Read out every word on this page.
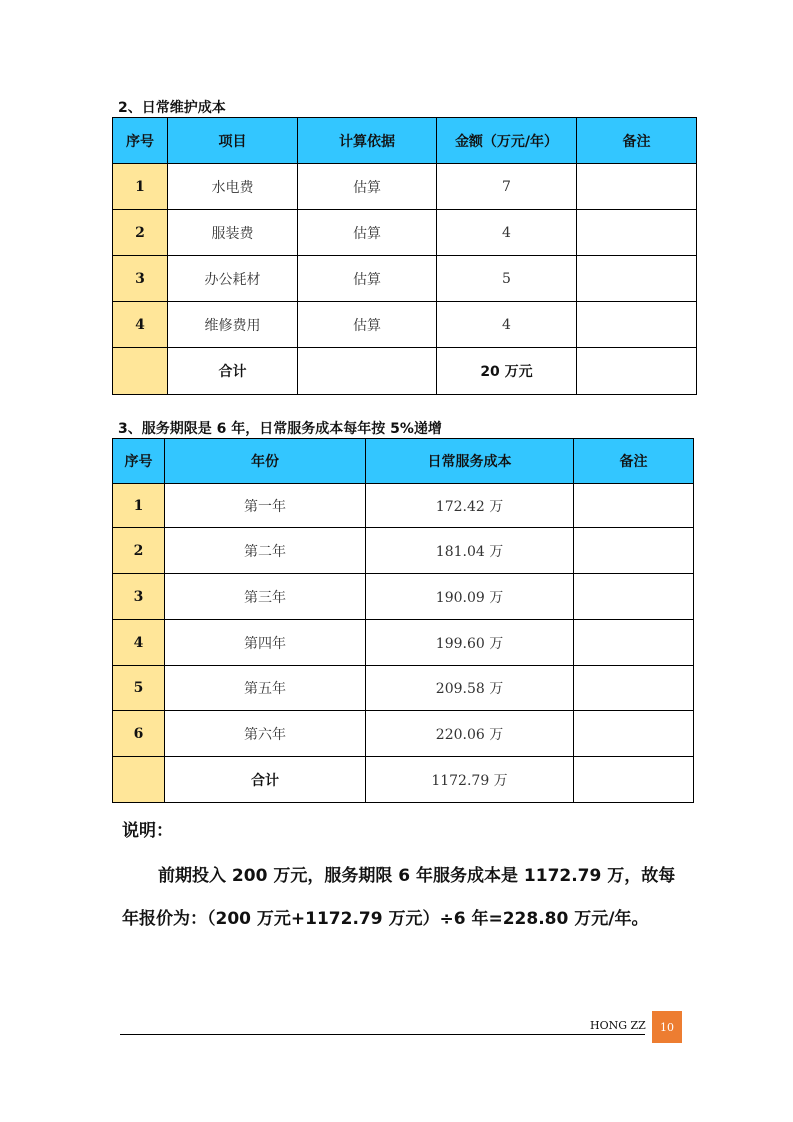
2、日常维护成本
序号	项目	计算依据	金额（万元/年）	备注
1	水电费	估算	7	
2	服装费	估算	4	
3	办公耗材	估算	5	
4	维修费用	估算	4	
	合计		20 万元	
3、服务期限是 6 年，日常服务成本每年按 5%递增
序号	年份	日常服务成本	备注
1	第一年	172.42 万	
2	第二年	181.04 万	
3	第三年	190.09 万	
4	第四年	199.60 万	
5	第五年	209.58 万	
6	第六年	220.06 万	
	合计	1172.79 万	
说明：
前期投入 200 万元，服务期限 6 年服务成本是 1172.79 万，故每
年报价为：（200 万元+1172.79 万元）÷6 年=228.80 万元/年。
HONG ZZ	10
